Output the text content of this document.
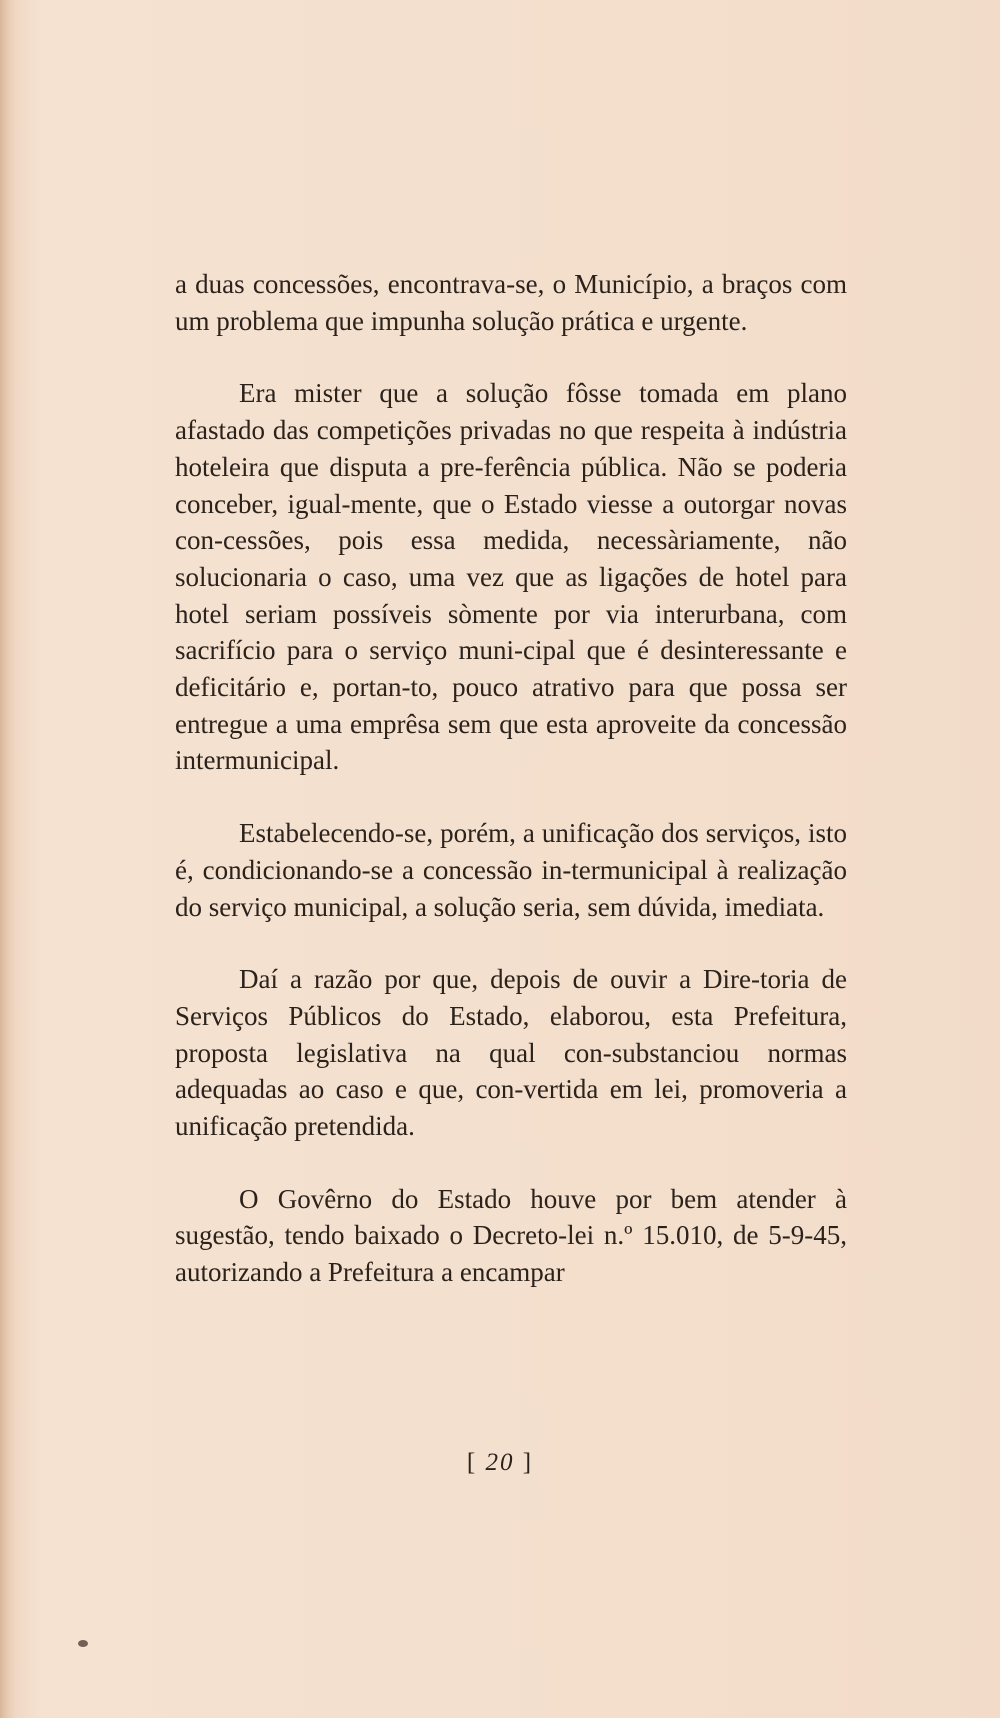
a duas concessões, encontrava-se, o Município, a braços com um problema que impunha solução prática e urgente.

Era mister que a solução fôsse tomada em plano afastado das competições privadas no que respeita à indústria hoteleira que disputa a pre-ferência pública. Não se poderia conceber, igual-mente, que o Estado viesse a outorgar novas con-cessões, pois essa medida, necessàriamente, não solucionaria o caso, uma vez que as ligações de hotel para hotel seriam possíveis sòmente por via interurbana, com sacrifício para o serviço muni-cipal que é desinteressante e deficitário e, portan-to, pouco atrativo para que possa ser entregue a uma emprêsa sem que esta aproveite da concessão intermunicipal.

Estabelecendo-se, porém, a unificação dos serviços, isto é, condicionando-se a concessão in-termunicipal à realização do serviço municipal, a solução seria, sem dúvida, imediata.

Daí a razão por que, depois de ouvir a Dire-toria de Serviços Públicos do Estado, elaborou, esta Prefeitura, proposta legislativa na qual con-substanciou normas adequadas ao caso e que, con-vertida em lei, promoveria a unificação pretendida.

O Govêrno do Estado houve por bem atender à sugestão, tendo baixado o Decreto-lei n.º 15.010, de 5-9-45, autorizando a Prefeitura a encampar

[ 20 ]
